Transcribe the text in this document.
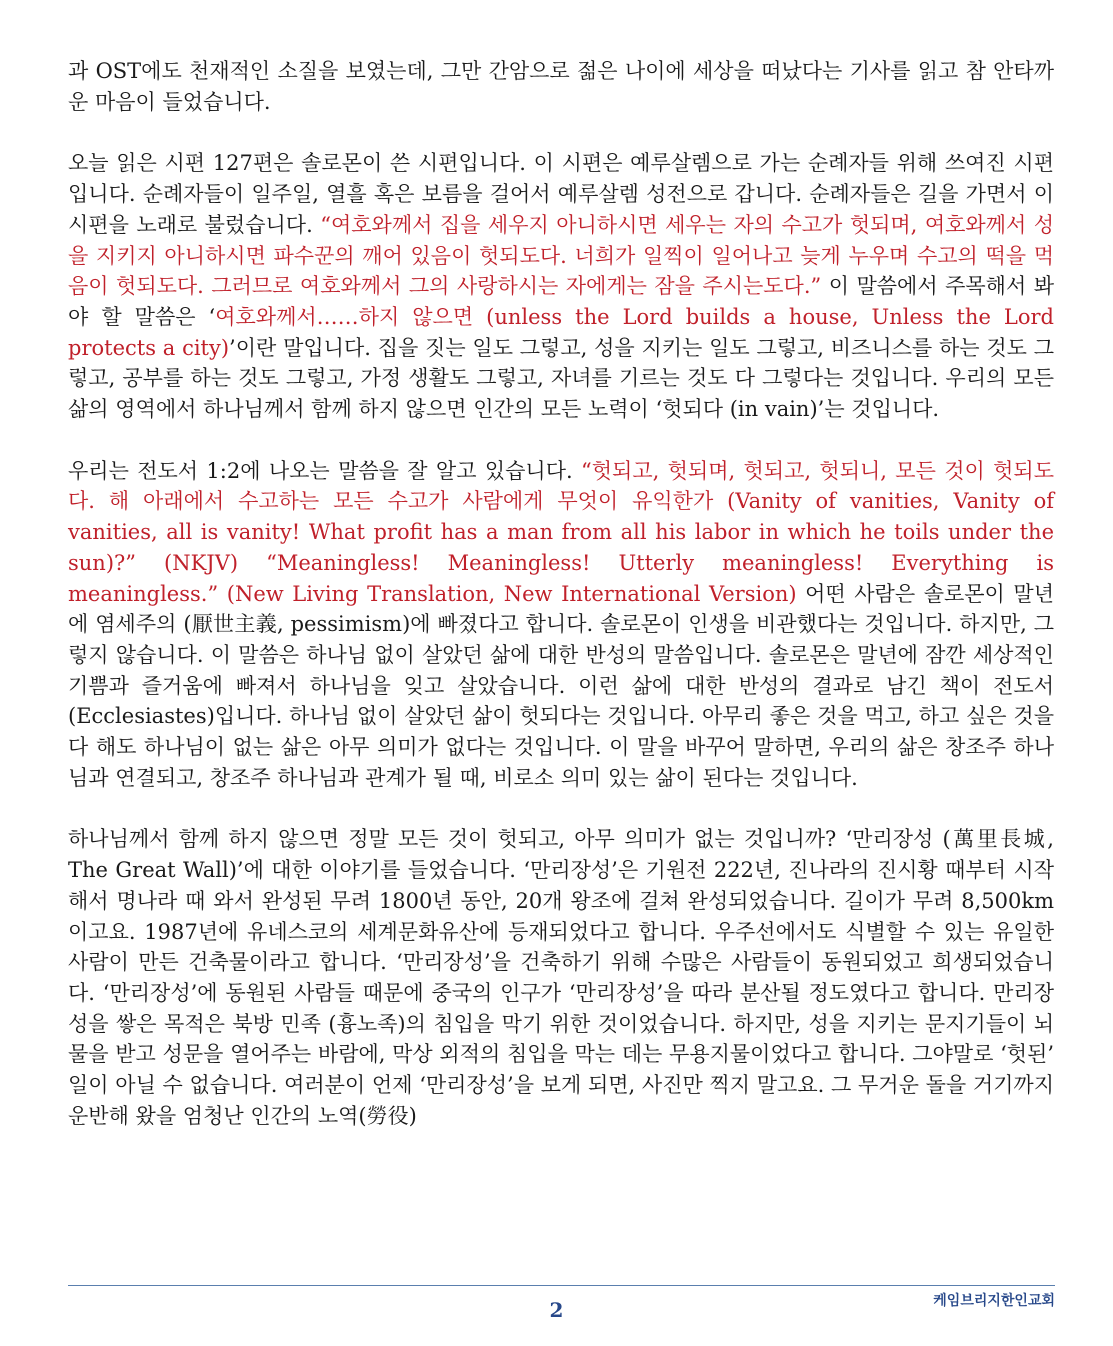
과 OST에도 천재적인 소질을 보였는데, 그만 간암으로 젊은 나이에 세상을 떠났다는 기사를 읽고 참 안타까운 마음이 들었습니다.

오늘 읽은 시편 127편은 솔로몬이 쓴 시편입니다. 이 시편은 예루살렘으로 가는 순례자들 위해 쓰여진 시편입니다. 순례자들이 일주일, 열흘 혹은 보름을 걸어서 예루살렘 성전으로 갑니다. 순례자들은 길을 가면서 이 시편을 노래로 불렀습니다. “여호와께서 집을 세우지 아니하시면 세우는 자의 수고가 헛되며, 여호와께서 성을 지키지 아니하시면 파수꾼의 깨어 있음이 헛되도다. 너희가 일찍이 일어나고 늦게 누우며 수고의 떡을 먹음이 헛되도다. 그러므로 여호와께서 그의 사랑하시는 자에게는 잠을 주시는도다.” 이 말씀에서 주목해서 봐야 할 말씀은 ‘여호와께서……하지 않으면 (unless the Lord builds a house, Unless the Lord protects a city)’이란 말입니다. 집을 짓는 일도 그렇고, 성을 지키는 일도 그렇고, 비즈니스를 하는 것도 그렇고, 공부를 하는 것도 그렇고, 가정 생활도 그렇고, 자녀를 기르는 것도 다 그렇다는 것입니다. 우리의 모든 삶의 영역에서 하나님께서 함께 하지 않으면 인간의 모든 노력이 ‘헛되다 (in vain)’는 것입니다.

우리는 전도서 1:2에 나오는 말씀을 잘 알고 있습니다. “헛되고, 헛되며, 헛되고, 헛되니, 모든 것이 헛되도다. 해 아래에서 수고하는 모든 수고가 사람에게 무엇이 유익한가 (Vanity of vanities, Vanity of vanities, all is vanity! What profit has a man from all his labor in which he toils under the sun)?” (NKJV) “Meaningless! Meaningless! Utterly meaningless! Everything is meaningless.” (New Living Translation, New International Version) 어떤 사람은 솔로몬이 말년에 염세주의 (厭世主義, pessimism)에 빠졌다고 합니다. 솔로몬이 인생을 비관했다는 것입니다. 하지만, 그렇지 않습니다. 이 말씀은 하나님 없이 살았던 삶에 대한 반성의 말씀입니다. 솔로몬은 말년에 잠깐 세상적인 기쁨과 즐거움에 빠져서 하나님을 잊고 살았습니다. 이런 삶에 대한 반성의 결과로 남긴 책이 전도서 (Ecclesiastes)입니다. 하나님 없이 살았던 삶이 헛되다는 것입니다. 아무리 좋은 것을 먹고, 하고 싶은 것을 다 해도 하나님이 없는 삶은 아무 의미가 없다는 것입니다. 이 말을 바꾸어 말하면, 우리의 삶은 창조주 하나님과 연결되고, 창조주 하나님과 관계가 될 때, 비로소 의미 있는 삶이 된다는 것입니다.

하나님께서 함께 하지 않으면 정말 모든 것이 헛되고, 아무 의미가 없는 것입니까? ‘만리장성 (萬里長城, The Great Wall)’에 대한 이야기를 들었습니다. ‘만리장성’은 기원전 222년, 진나라의 진시황 때부터 시작해서 명나라 때 와서 완성된 무려 1800년 동안, 20개 왕조에 걸쳐 완성되었습니다. 길이가 무려 8,500km이고요. 1987년에 유네스코의 세계문화유산에 등재되었다고 합니다. 우주선에서도 식별할 수 있는 유일한 사람이 만든 건축물이라고 합니다. ‘만리장성’을 건축하기 위해 수많은 사람들이 동원되었고 희생되었습니다. ‘만리장성’에 동원된 사람들 때문에 중국의 인구가 ‘만리장성’을 따라 분산될 정도였다고 합니다. 만리장성을 쌓은 목적은 북방 민족 (흉노족)의 침입을 막기 위한 것이었습니다. 하지만, 성을 지키는 문지기들이 뇌물을 받고 성문을 열어주는 바람에, 막상 외적의 침입을 막는 데는 무용지물이었다고 합니다. 그야말로 ‘헛된’ 일이 아닐 수 없습니다. 여러분이 언제 ‘만리장성’을 보게 되면, 사진만 찍지 말고요. 그 무거운 돌을 거기까지 운반해 왔을 엄청난 인간의 노역(勞役)

케임브리지한인교회
2
